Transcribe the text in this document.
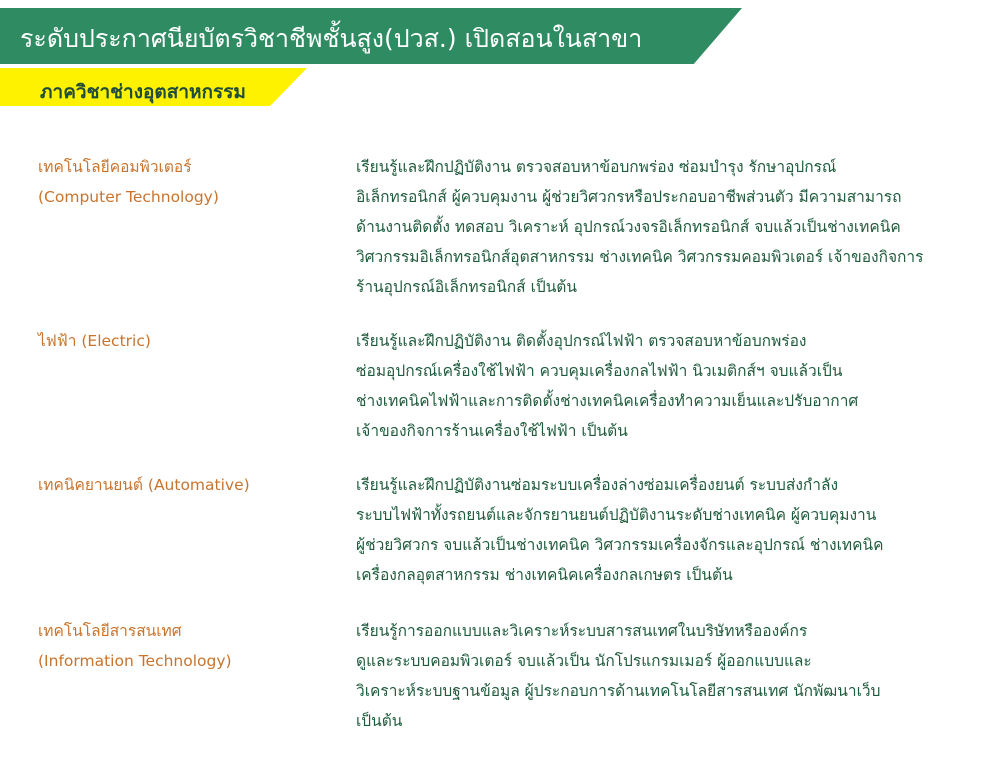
ระดับประกาศนียบัตรวิชาชีพชั้นสูง(ปวส.) เปิดสอนในสาขา
ภาควิชาช่างอุตสาหกรรม
เทคโนโลยีคอมพิวเตอร์
(Computer Technology)
เรียนรู้และฝึกปฏิบัติงาน ตรวจสอบหาข้อบกพร่อง ซ่อมบำรุง รักษาอุปกรณ์
อิเล็กทรอนิกส์ ผู้ควบคุมงาน ผู้ช่วยวิศวกรหรือประกอบอาชีพส่วนตัว มีความสามารถ
ด้านงานติดตั้ง ทดสอบ วิเคราะห์ อุปกรณ์วงจรอิเล็กทรอนิกส์ จบแล้วเป็นช่างเทคนิค
วิศวกรรมอิเล็กทรอนิกส์อุตสาหกรรม ช่างเทคนิค วิศวกรรมคอมพิวเตอร์ เจ้าของกิจการ
ร้านอุปกรณ์อิเล็กทรอนิกส์ เป็นต้น
ไฟฟ้า (Electric)	เรียนรู้และฝึกปฏิบัติงาน ติดตั้งอุปกรณ์ไฟฟ้า ตรวจสอบหาข้อบกพร่อง
ซ่อมอุปกรณ์เครื่องใช้ไฟฟ้า ควบคุมเครื่องกลไฟฟ้า นิวเมติกส์ฯ จบแล้วเป็น
ช่างเทคนิคไฟฟ้าและการติดตั้งช่างเทคนิคเครื่องทำความเย็นและปรับอากาศ
เจ้าของกิจการร้านเครื่องใช้ไฟฟ้า เป็นต้น
เทคนิคยานยนต์ (Automative)	เรียนรู้และฝึกปฏิบัติงานซ่อมระบบเครื่องล่างซ่อมเครื่องยนต์ ระบบส่งกำลัง
ระบบไฟฟ้าทั้งรถยนต์และจักรยานยนต์ปฏิบัติงานระดับช่างเทคนิค ผู้ควบคุมงาน
ผู้ช่วยวิศวกร จบแล้วเป็นช่างเทคนิค วิศวกรรมเครื่องจักรและอุปกรณ์ ช่างเทคนิค
เครื่องกลอุตสาหกรรม ช่างเทคนิคเครื่องกลเกษตร เป็นต้น
เทคโนโลยีสารสนเทศ
(Information Technology)
เรียนรู้การออกแบบและวิเคราะห์ระบบสารสนเทศในบริษัทหรือองค์กร
ดูและระบบคอมพิวเตอร์ จบแล้วเป็น นักโปรแกรมเมอร์ ผู้ออกแบบและ
วิเคราะห์ระบบฐานข้อมูล ผู้ประกอบการด้านเทคโนโลยีสารสนเทศ นักพัฒนาเว็บ
เป็นต้น
